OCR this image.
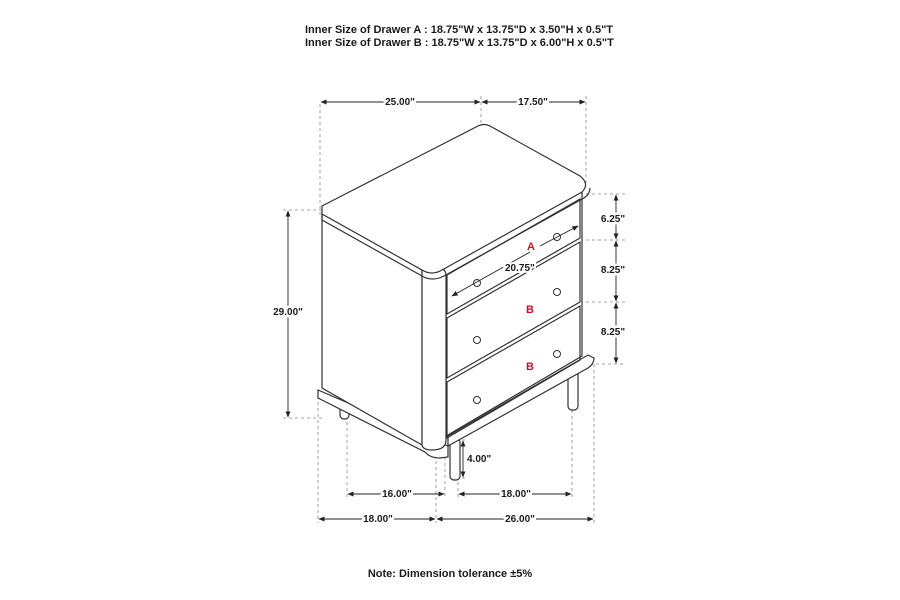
Inner Size of Drawer A : 18.75"W x 13.75"D x 3.50"H x 0.5"T
Inner Size of Drawer B : 18.75"W x 13.75"D x 6.00"H x 0.5"T
A
B
B
25.00"	17.50"
20.75"
29.00"
6.25"
8.25"
8.25"
4.00"
16.00"	18.00"
18.00"	26.00"
Note: Dimension tolerance ±5%
